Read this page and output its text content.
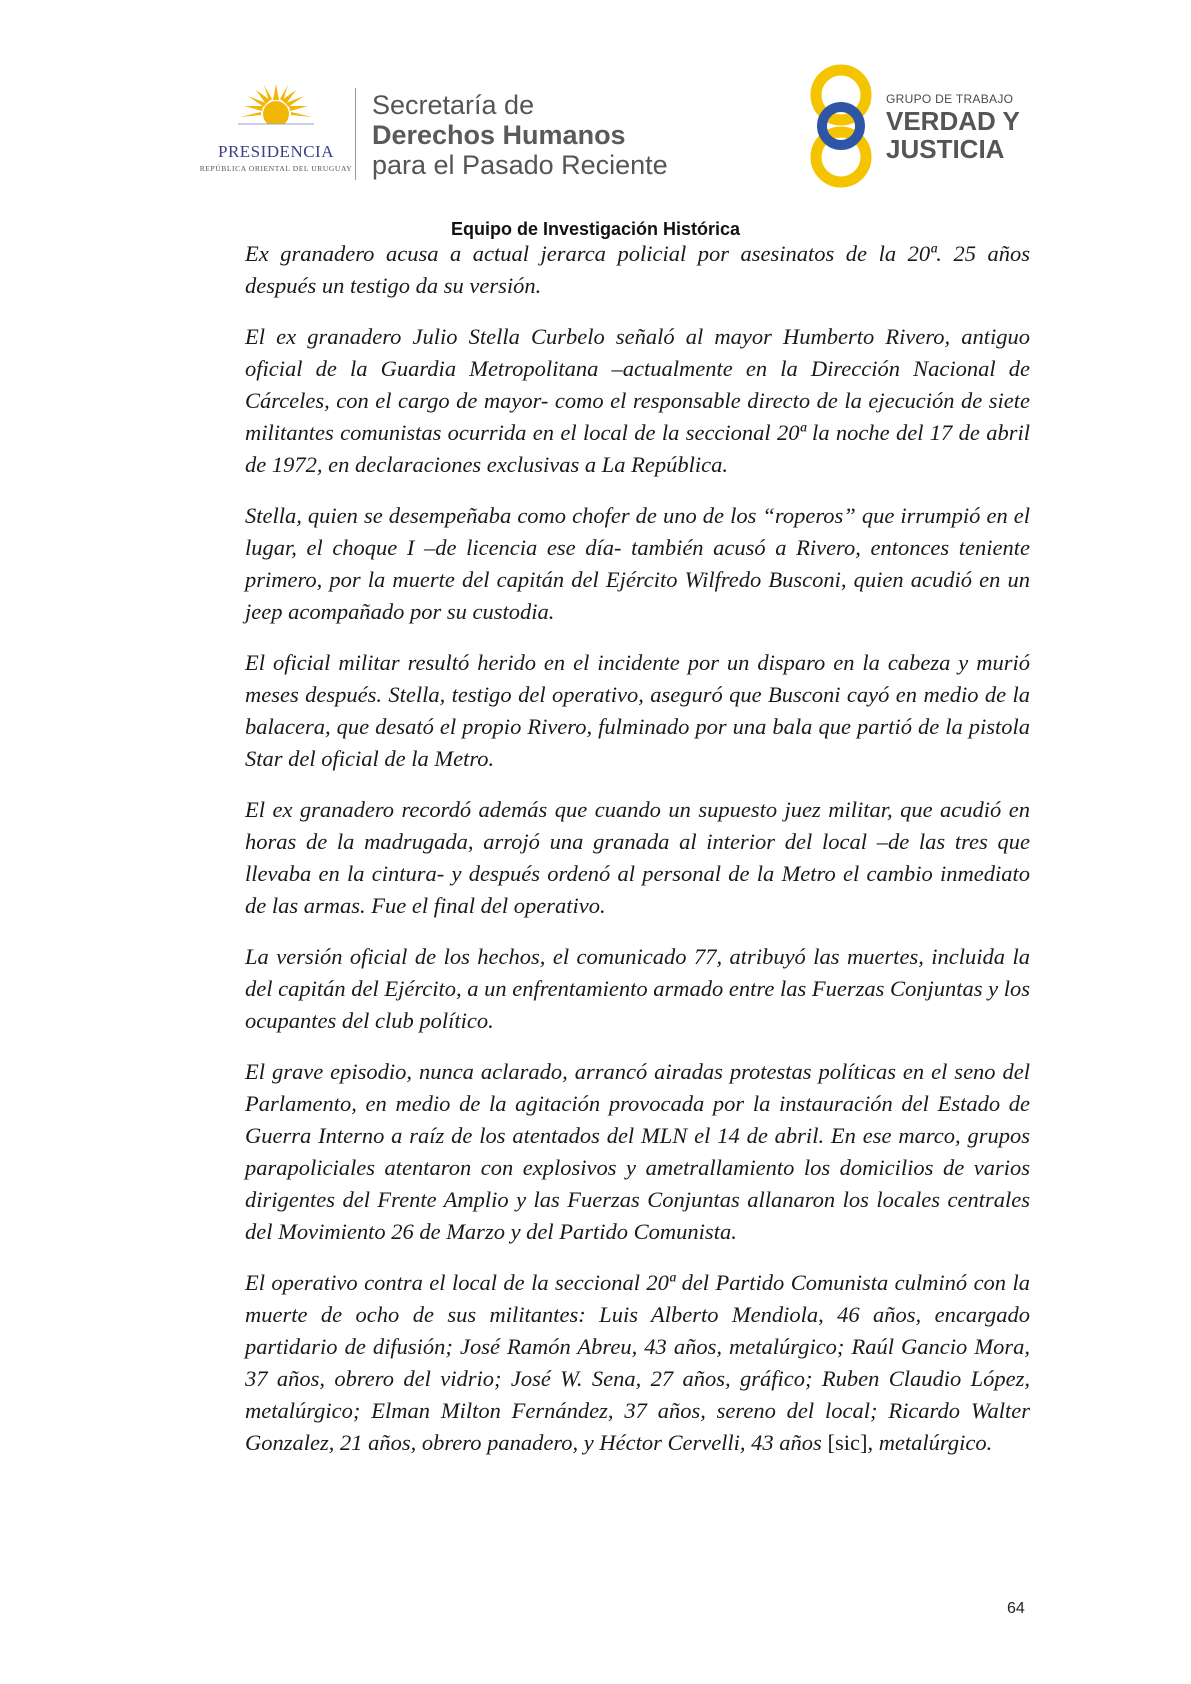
PRESIDENCIA
REPÚBLICA ORIENTAL DEL URUGUAY
Secretaría de
Derechos Humanos
para el Pasado Reciente
GRUPO DE TRABAJO
VERDAD Y
JUSTICIA
Equipo de Investigación Histórica

Ex granadero acusa a actual jerarca policial por asesinatos de la 20ª. 25 años después un testigo da su versión.

El ex granadero Julio Stella Curbelo señaló al mayor Humberto Rivero, antiguo oficial de la Guardia Metropolitana –actualmente en la Dirección Nacional de Cárceles, con el cargo de mayor- como el responsable directo de la ejecución de siete militantes comunistas ocurrida en el local de la seccional 20ª la noche del 17 de abril de 1972, en declaraciones exclusivas a La República.

Stella, quien se desempeñaba como chofer de uno de los “roperos” que irrumpió en el lugar, el choque I –de licencia ese día- también acusó a Rivero, entonces teniente primero, por la muerte del capitán del Ejército Wilfredo Busconi, quien acudió en un jeep acompañado por su custodia.

El oficial militar resultó herido en el incidente por un disparo en la cabeza y murió meses después. Stella, testigo del operativo, aseguró que Busconi cayó en medio de la balacera, que desató el propio Rivero, fulminado por una bala que partió de la pistola Star del oficial de la Metro.

El ex granadero recordó además que cuando un supuesto juez militar, que acudió en horas de la madrugada, arrojó una granada al interior del local –de las tres que llevaba en la cintura- y después ordenó al personal de la Metro el cambio inmediato de las armas. Fue el final del operativo.

La versión oficial de los hechos, el comunicado 77, atribuyó las muertes, incluida la del capitán del Ejército, a un enfrentamiento armado entre las Fuerzas Conjuntas y los ocupantes del club político.

El grave episodio, nunca aclarado, arrancó airadas protestas políticas en el seno del Parlamento, en medio de la agitación provocada por la instauración del Estado de Guerra Interno a raíz de los atentados del MLN el 14 de abril. En ese marco, grupos parapoliciales atentaron con explosivos y ametrallamiento los domicilios de varios dirigentes del Frente Amplio y las Fuerzas Conjuntas allanaron los locales centrales del Movimiento 26 de Marzo y del Partido Comunista.

El operativo contra el local de la seccional 20ª del Partido Comunista culminó con la muerte de ocho de sus militantes: Luis Alberto Mendiola, 46 años, encargado partidario de difusión; José Ramón Abreu, 43 años, metalúrgico; Raúl Gancio Mora, 37 años, obrero del vidrio; José W. Sena, 27 años, gráfico; Ruben Claudio López, metalúrgico; Elman Milton Fernández, 37 años, sereno del local; Ricardo Walter Gonzalez, 21 años, obrero panadero, y Héctor Cervelli, 43 años [sic], metalúrgico.

64
